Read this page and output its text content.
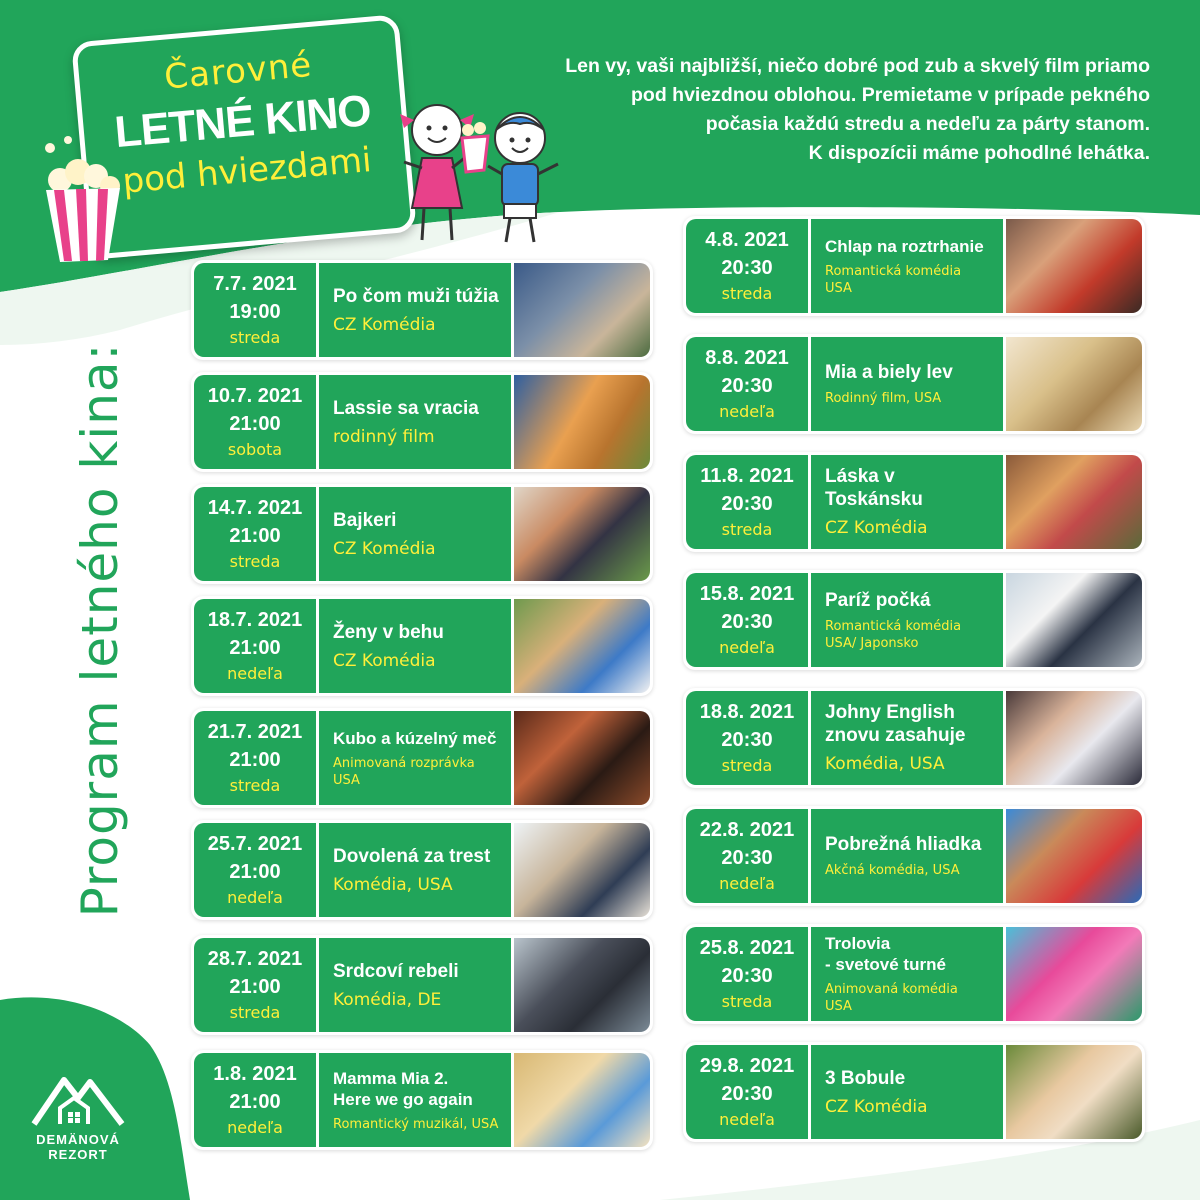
Čarovné
LETNÉ KINO
pod hviezdami
Len vy, vaši najbližší, niečo dobré pod zub a skvelý film priamo
pod hviezdnou oblohou. Premietame v prípade pekného
počasia každú stredu a nedeľu za párty stanom.
K dispozícii máme pohodlné lehátka.
Program letného kina:
DEMÄNOVÁ
REZORT
7.7. 2021
19:00
streda
Po čom muži túžia
CZ Komédia
10.7. 2021
21:00
sobota
Lassie sa vracia
rodinný film
14.7. 2021
21:00
streda
Bajkeri
CZ Komédia
18.7. 2021
21:00
nedeľa
Ženy v behu
CZ Komédia
21.7. 2021
21:00
streda
Kubo a kúzelný meč
Animovaná rozprávka
USA
25.7. 2021
21:00
nedeľa
Dovolená za trest
Komédia, USA
28.7. 2021
21:00
streda
Srdcoví rebeli
Komédia, DE
1.8. 2021
21:00
nedeľa
Mamma Mia 2.
Here we go again
Romantický muzikál, USA
4.8. 2021
20:30
streda
Chlap na roztrhanie
Romantická komédia
USA
8.8. 2021
20:30
nedeľa
Mia a biely lev
Rodinný film, USA
11.8. 2021
20:30
streda
Láska v Toskánsku
CZ Komédia
15.8. 2021
20:30
nedeľa
Paríž počká
Romantická komédia
USA/ Japonsko
18.8. 2021
20:30
streda
Johny English
znovu zasahuje
Komédia, USA
22.8. 2021
20:30
nedeľa
Pobrežná hliadka
Akčná komédia, USA
25.8. 2021
20:30
streda
Trolovia
- svetové turné
Animovaná komédia
USA
29.8. 2021
20:30
nedeľa
3 Bobule
CZ Komédia
